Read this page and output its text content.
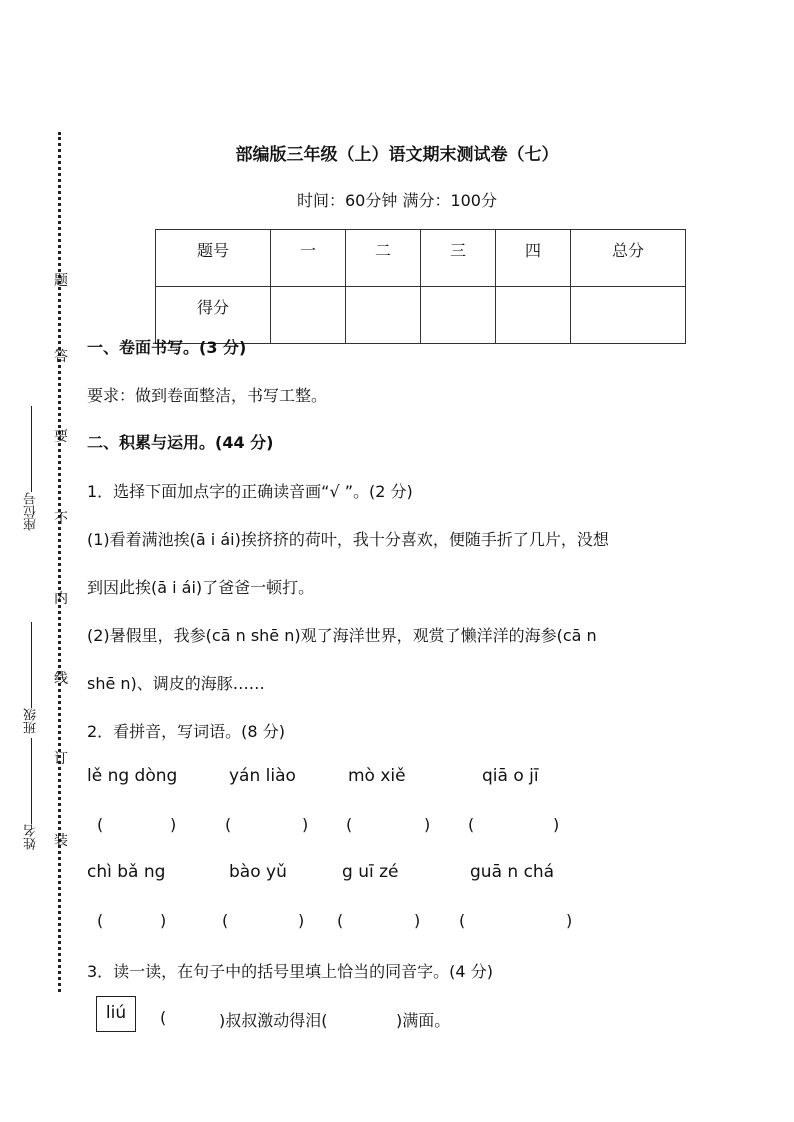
题
答
要
不
内
线
订
装
座位号
班级
姓名
部编版三年级（上）语文期末测试卷（七）
时间：60分钟 满分：100分
题号	一	二	三	四	总分
得分					
一、卷面书写。(3 分)
要求：做到卷面整洁，书写工整。
二、积累与运用。(44 分)
1．选择下面加点字的正确读音画“√ ”。(2 分)
(1)看着满池挨(ā i ái)挨挤挤的荷叶，我十分喜欢，便随手折了几片，没想
到因此挨(ā i ái)了爸爸一顿打。
(2)暑假里，我参(cā n shē n)观了海洋世界，观赏了懒洋洋的海参(cā n
shē n)、调皮的海豚……
2．看拼音，写词语。(8 分)
lě ng dòng	yán liào	mò xiě	qiā o jī
(	)	(	) (	) (	)
chì bǎ ng	bào yǔ	g uī zé	guā n chá
(	)	(	) (	) (	)
3．读一读，在句子中的括号里填上恰当的同音字。(4 分)
liú	(	)叔叔激动得泪(	)满面。
